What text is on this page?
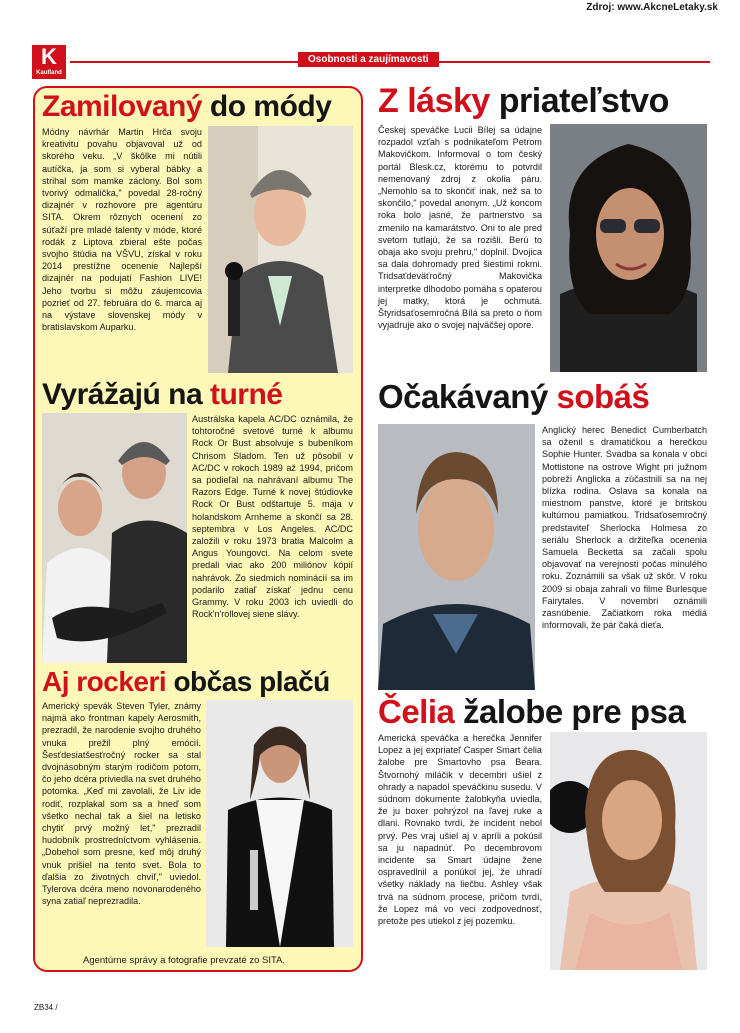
Zdroj: www.AkcneLetaky.sk
K
Kaufland
Osobnosti a zaujímavosti
Zamilovaný do módy
Módny návrhár Martin Hrča svoju kreativitu povahu objavoval už od skorého veku. „V škôlke mi nútili autíčka, ja som si vyberal bábky a strihal som mamke záclony. Bol som tvorivý odmalička," povedal 28-ročný dizajnér v rozhovore pre agentúru SITA. Okrem rôznych ocenení zo súťaží pre mladé talenty v móde, ktoré rodák z Liptova zbieral ešte počas svojho štúdia na VŠVU, získal v roku 2014 prestížne ocenenie Najlepší dizajnér na podujatí Fashion LIVE! Jeho tvorbu si môžu záujemcovia pozrieť od 27. februára do 6. marca aj na výstave slovenskej módy v bratislavskom Auparku.
Vyrážajú na turné
Austrálska kapela AC/DC oznámila, že tohtoročné svetové turné k albumu Rock Or Bust absolvuje s bubeníkom Chrisom Sladom. Ten už pôsobil v AC/DC v rokoch 1989 až 1994, pričom sa podieľal na nahrávaní albumu The Razors Edge. Turné k novej štúdiovke Rock Or Bust odštartuje 5. mája v holandskom Arnheme a skončí sa 28. septembra v Los Angeles. AC/DC založili v roku 1973 bratia Malcolm a Angus Youngovci. Na celom svete predali viac ako 200 miliónov kópií nahrávok. Zo siedmich nominácií sa im podarilo zatiaľ získať jednu cenu Grammy. V roku 2003 ich uviedli do Rock'n'rollovej siene slávy.
Aj rockeri občas plačú
Americký spevák Steven Tyler, známy najmä ako frontman kapely Aerosmith, prezradil, že narodenie svojho druhého vnuka prežil plný emócií. Šesťdesiatšesťročný rocker sa stal dvojnásobným starým rodičom potom, čo jeho dcéra priviedla na svet druhého potomka. „Keď mi zavolali, že Liv ide rodiť, rozplakal som sa a hneď som všetko nechal tak a šiel na letisko chytiť prvý možný let," prezradil hudobník prostredníctvom vyhlásenia. „Dobehol som presne, keď môj druhý vnuk prišiel na tento svet. Bola to ďalšia zo životných chvíľ," uviedol. Tylerova dcéra meno novonarodeného syna zatiaľ neprezradila.
Agentúrne správy a fotografie prevzaté zo SITA.
Z lásky priateľstvo
Českej speváčke Lucii Bílej sa údajne rozpadol vzťah s podnikateľom Petrom Makovičkom. Informoval o tom český portál Blesk.cz, ktorému to potvrdil nemenovaný zdroj z okolia páru. „Nemohlo sa to skončiť inak, než sa to skončilo," povedal anonym. „Už koncom roka bolo jasné, že partnerstvo sa zmenilo na kamarátstvo. Oni to ale pred svetom tutlajú, že sa rozišli. Berú to obaja ako svoju prehru," doplnil. Dvojica sa dala dohromady pred šiestimi rokmi. Tridsaťdeväťročný Makovička interpretke dlhodobo pomáha s opaterou jej matky, ktorá je ochrnutá. Štyridsaťosemročná Bílá sa preto o ňom vyjadruje ako o svojej najväčšej opore.
Očakávaný sobáš
Anglický herec Benedict Cumberbatch sa oženil s dramatičkou a herečkou Sophie Hunter. Svadba sa konala v obci Mottistone na ostrove Wight pri južnom pobreží Anglicka a zúčastnili sa na nej blízka rodina. Oslava sa konala na miestnom panstve, ktoré je britskou kultúrnou pamiatkou. Tridsaťosemročný predstaviteľ Sherlocka Holmesa zo seriálu Sherlock a držiteľka ocenenia Samuela Becketta sa začali spolu objavovať na verejnosti počas minulého roku. Zoznámili sa však už skôr. V roku 2009 si obaja zahrali vo filme Burlesque Fairytales. V novembri oznámili zasnúbenie. Začiatkom roka médiá informovali, že pár čaká dieťa.
Čelia žalobe pre psa
Americká speváčka a herečka Jennifer Lopez a jej expriateľ Casper Smart čelia žalobe pre Smartovho psa Beara. Štvornohý miláčik v decembri ušiel z ohrady a napadol speváčkinu susedu. V súdnom dokumente žalobkyňa uviedla, že ju boxer pohrýzol na ľavej ruke a dlani. Rovnako tvrdí, že incident nebol prvý. Pes vraj ušiel aj v apríli a pokúsil sa ju napadnúť. Po decembrovom incidente sa Smart údajne žene ospravedlnil a ponúkol jej, že uhradí všetky náklady na liečbu. Ashley však trvá na súdnom procese, pričom tvrdí, že Lopez má vo veci zodpovednosť, pretože pes utiekol z jej pozemku.
ZB34 /
